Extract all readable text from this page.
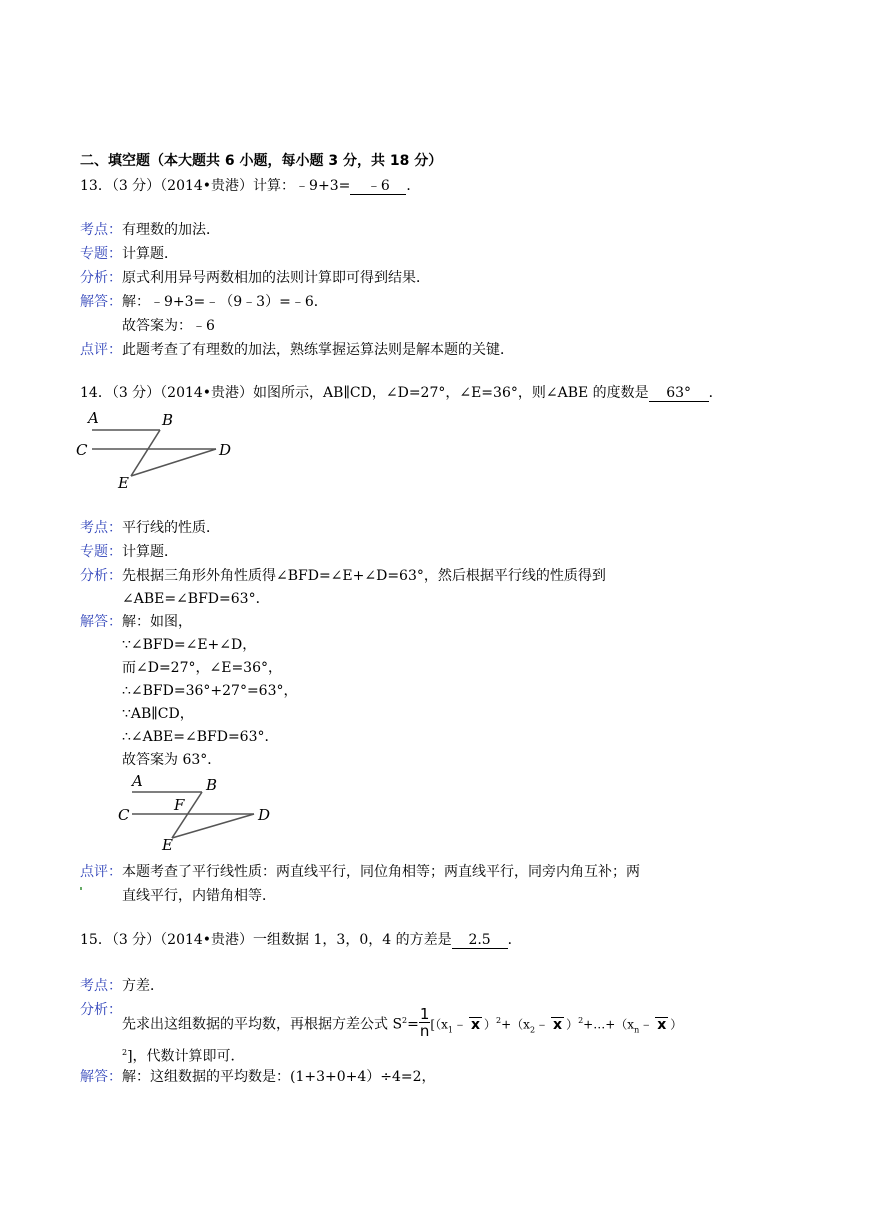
二、填空题（本大题共 6 小题，每小题 3 分，共 18 分）
13．（3 分）（2014•贵港）计算：﹣9+3= ﹣6 ．
考点： 有理数的加法．
专题： 计算题．
分析： 原式利用异号两数相加的法则计算即可得到结果．
解答： 解：﹣9+3=﹣（9﹣3）=﹣6．
故答案为：﹣6
点评： 此题考查了有理数的加法，熟练掌握运算法则是解本题的关键．
14．（3 分）（2014•贵港）如图所示，AB∥CD，∠D=27°，∠E=36°，则∠ABE 的度数是 63° ．
A	B
C	D
E
考点： 平行线的性质．
专题： 计算题．
分析： 先根据三角形外角性质得∠BFD=∠E+∠D=63°，然后根据平行线的性质得到
∠ABE=∠BFD=63°．
解答： 解：如图，
∵∠BFD=∠E+∠D，
而∠D=27°，∠E=36°，
∴∠BFD=36°+27°=63°，
∵AB∥CD，
∴∠ABE=∠BFD=63°．
故答案为 63°．
A	B
C	D
E
F
点评： 本题考查了平行线性质：两直线平行，同位角相等；两直线平行，同旁内角互补；两
直线平行，内错角相等．
15．（3 分）（2014•贵港）一组数据 1，3，0，4 的方差是 2.5 ．
考点： 方差．
分析：
先求出这组数据的平均数，再根据方差公式 $S^2= \frac{1}{n}$ [（$x_1﹣$ x ）$^2+(x_2﹣$ x ）$^2+\dots+(x_n﹣$ x ）
$^2$]，代数计算即可．
解答： 解：这组数据的平均数是：(1+3+0+4）÷4=2，
